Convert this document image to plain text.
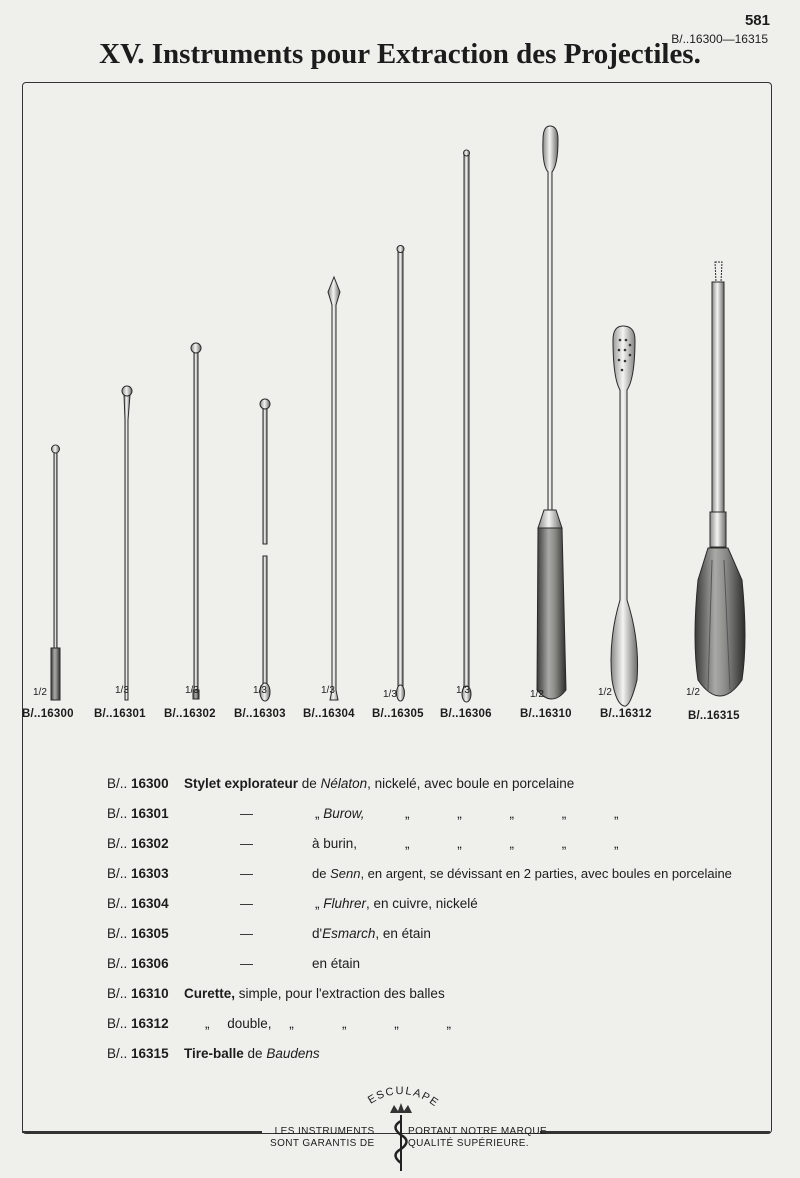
581
B/..16300—16315
XV. Instruments pour Extraction des Projectiles.
1/2	1/3	1/3	1/3	1/3	1/3	1/3	1/2	1/2	1/2
B/..16300 B/..16301 B/..16302 B/..16303 B/..16304 B/..16305 B/..16306 B/..16310 B/..16312	B/..16315
B/.. 16300 Stylet explorateur de Nélaton, nickelé, avec boule en porcelaine
B/.. 16301	—	„ Burow,	„ „ „ „ „
B/.. 16302	—	à burin,	„ „ „ „ „
B/.. 16303	—	de Senn, en argent, se dévissant en 2 parties, avec boules en porcelaine
B/.. 16304	—	„ Fluhrer, en cuivre, nickelé
B/.. 16305	—	d'Esmarch, en étain
B/.. 16306	—	en étain
B/.. 16310 Curette, simple, pour l'extraction des balles
B/.. 16312	„ double, „	„ „ „
B/.. 16315 Tire-balle de Baudens
LES INSTRUMENTS
SONT GARANTIS DE
PORTANT NOTRE MARQUE
QUALITÉ SUPÉRIEURE.
ESCULAPE
